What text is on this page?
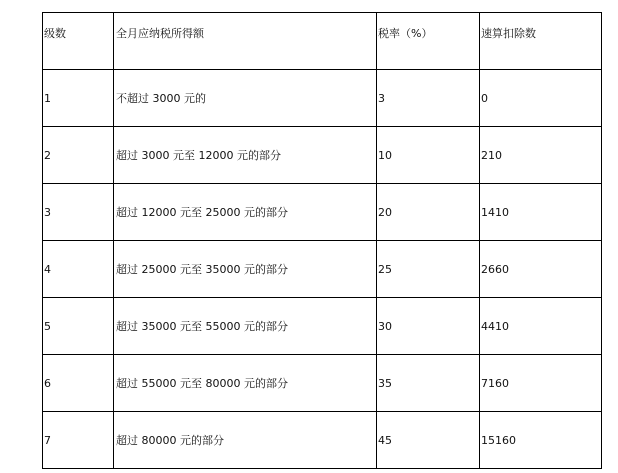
级数	全月应纳税所得额	税率（%）	速算扣除数
1	不超过 3000 元的	3	0
2	超过 3000 元至 12000 元的部分	10	210
3	超过 12000 元至 25000 元的部分	20	1410
4	超过 25000 元至 35000 元的部分	25	2660
5	超过 35000 元至 55000 元的部分	30	4410
6	超过 55000 元至 80000 元的部分	35	7160
7	超过 80000 元的部分	45	15160
